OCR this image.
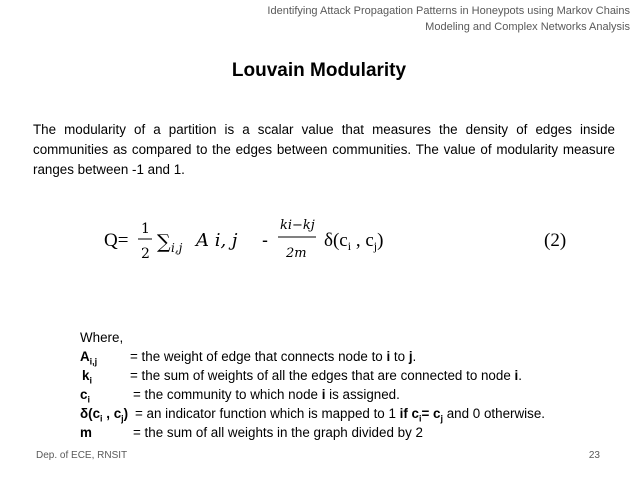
Identifying Attack Propagation Patterns in Honeypots using Markov Chains
Modeling and Complex Networks Analysis
Louvain Modularity
The modularity of a partition is a scalar value that measures the density of edges inside communities as compared to the edges between communities. The value of modularity measure ranges between -1 and 1.
Q=
1
2
∑ i,j A i, j -
ki−kj
2m
$\delta(c_i$ , $c_j$)	(2)
Where,
$A_{i,j}$ = the weight of edge that connects node to i to j.
$k_i$	= the sum of weights of all the edges that are connected to node i.
$c_i$	= the community to which node i is assigned.
$\delta(c_i$ , $c_j$) = an indicator function which is mapped to 1 if $c_i= c_j$ and 0 otherwise.
m	= the sum of all weights in the graph divided by 2
Dep. of ECE, RNSIT	23
